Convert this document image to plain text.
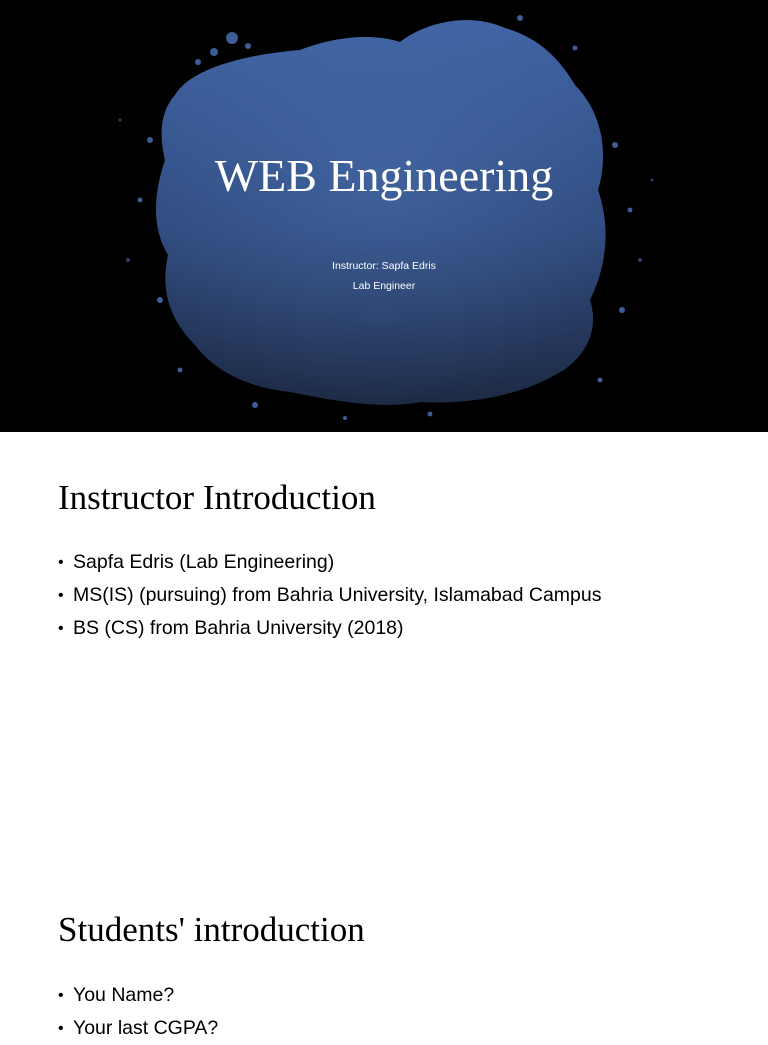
WEB Engineering
Instructor: Sapfa Edris
Lab Engineer
Instructor Introduction
• Sapfa Edris (Lab Engineering)
• MS(IS) (pursuing) from Bahria University, Islamabad Campus
• BS (CS) from Bahria University (2018)
Students' introduction
• You Name?
• Your last CGPA?
